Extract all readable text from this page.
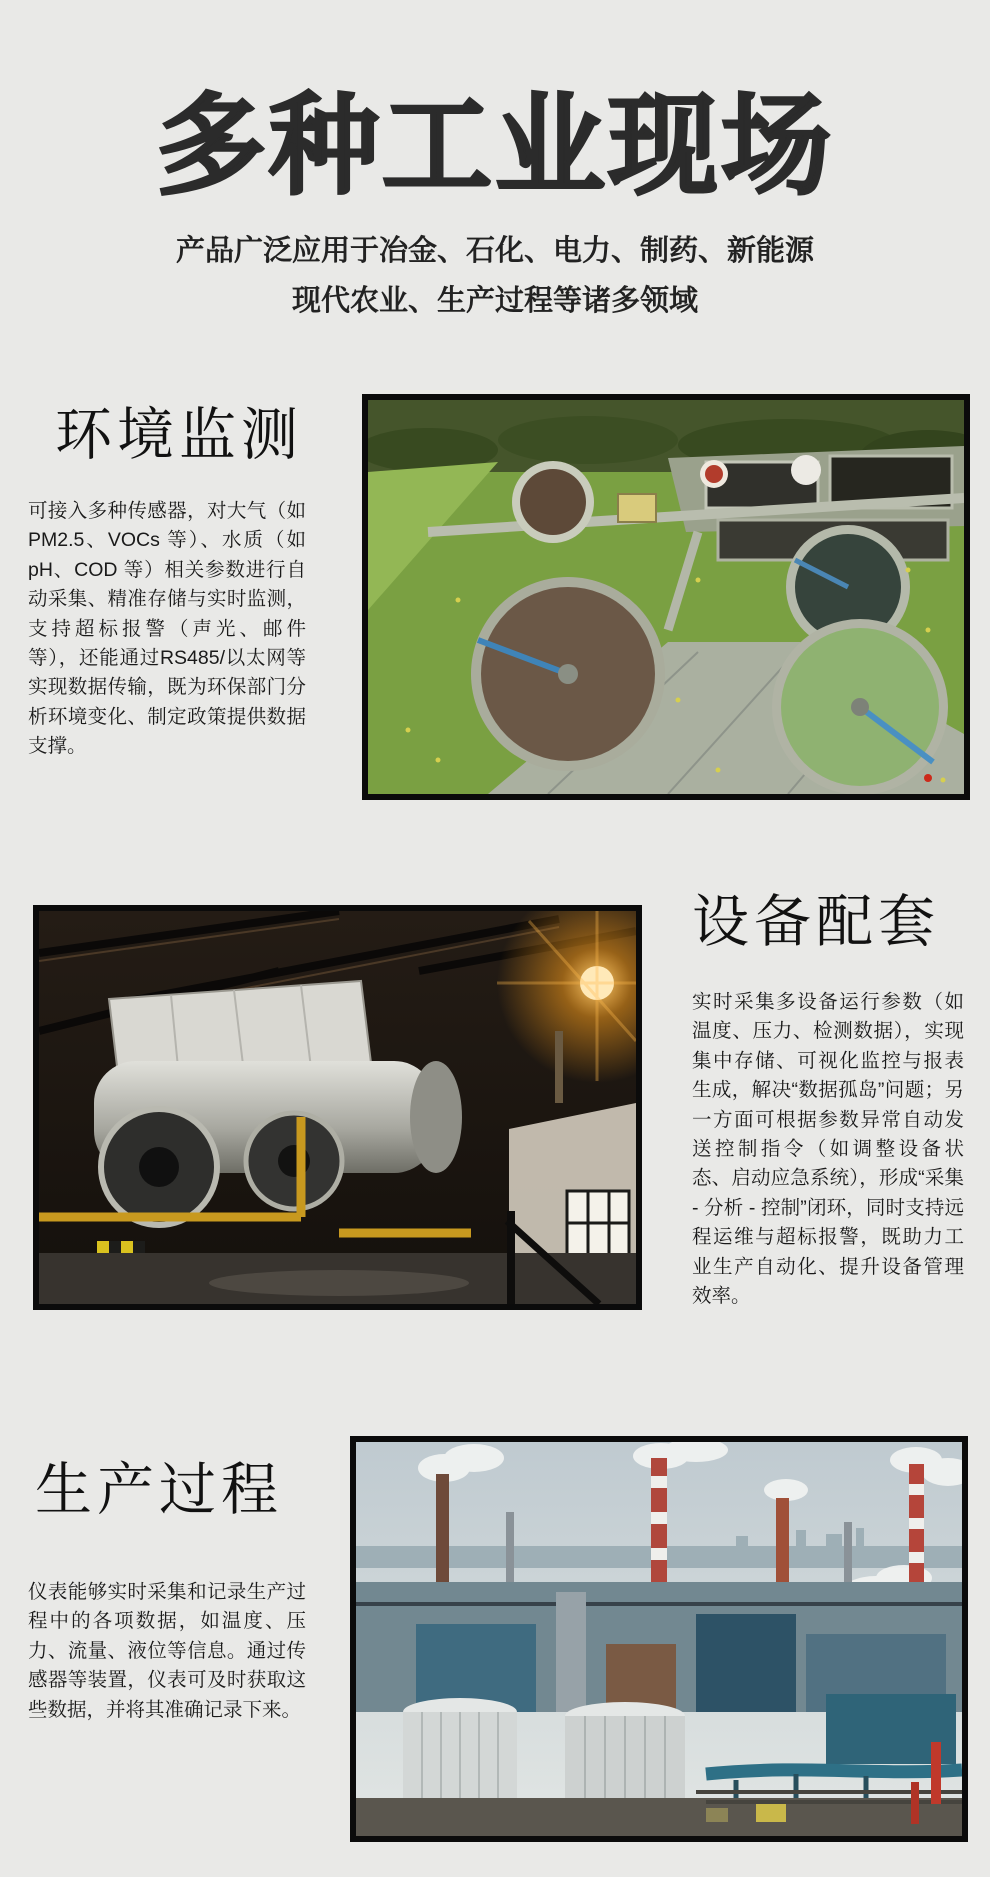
多种工业现场

产品广泛应用于冶金、石化、电力、制药、新能源
现代农业、生产过程等诸多领域

环境监测

可接入多种传感器，对大气（如 PM2.5、VOCs 等）、水质（如 pH、COD 等）相关参数进行自动采集、精准存储与实时监测，支持超标报警（声光、邮件等），还能通过RS485/以太网等实现数据传输，既为环保部门分析环境变化、制定政策提供数据支撑。

设备配套

实时采集多设备运行参数（如温度、压力、检测数据），实现集中存储、可视化监控与报表生成，解决“数据孤岛”问题；另一方面可根据参数异常自动发送控制指令（如调整设备状态、启动应急系统），形成“采集 - 分析 - 控制”闭环，同时支持远程运维与超标报警，既助力工业生产自动化、提升设备管理效率。

生产过程

仪表能够实时采集和记录生产过程中的各项数据，如温度、压力、流量、液位等信息。通过传感器等装置，仪表可及时获取这些数据，并将其准确记录下来。
